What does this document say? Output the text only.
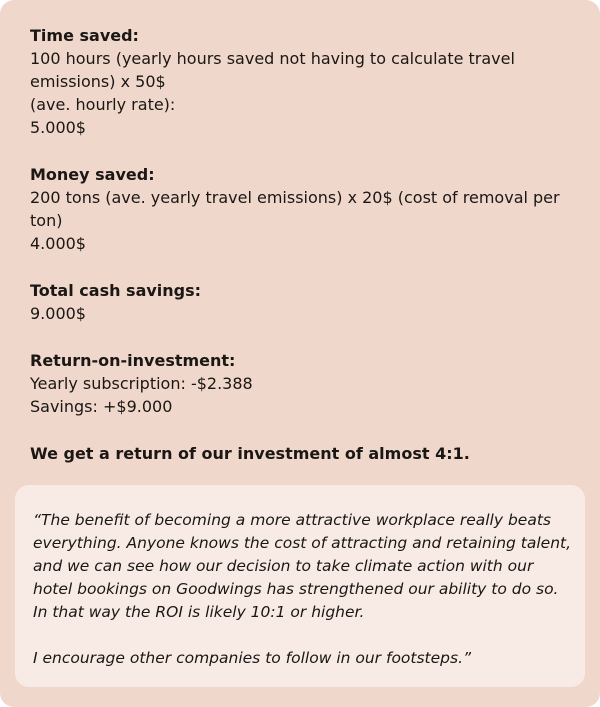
Time saved:

100 hours (yearly hours saved not having to calculate travel

emissions) x 50$

(ave. hourly rate):

5.000$

Money saved:

200 tons (ave. yearly travel emissions) x 20$ (cost of removal per

ton)

4.000$

Total cash savings:

9.000$

Return-on-investment:

Yearly subscription: -$2.388

Savings: +$9.000

We get a return of our investment of almost 4:1.

“The benefit of becoming a more attractive workplace really beats

everything. Anyone knows the cost of attracting and retaining talent,

and we can see how our decision to take climate action with our

hotel bookings on Goodwings has strengthened our ability to do so.

In that way the ROI is likely 10:1 or higher.

I encourage other companies to follow in our footsteps.”
